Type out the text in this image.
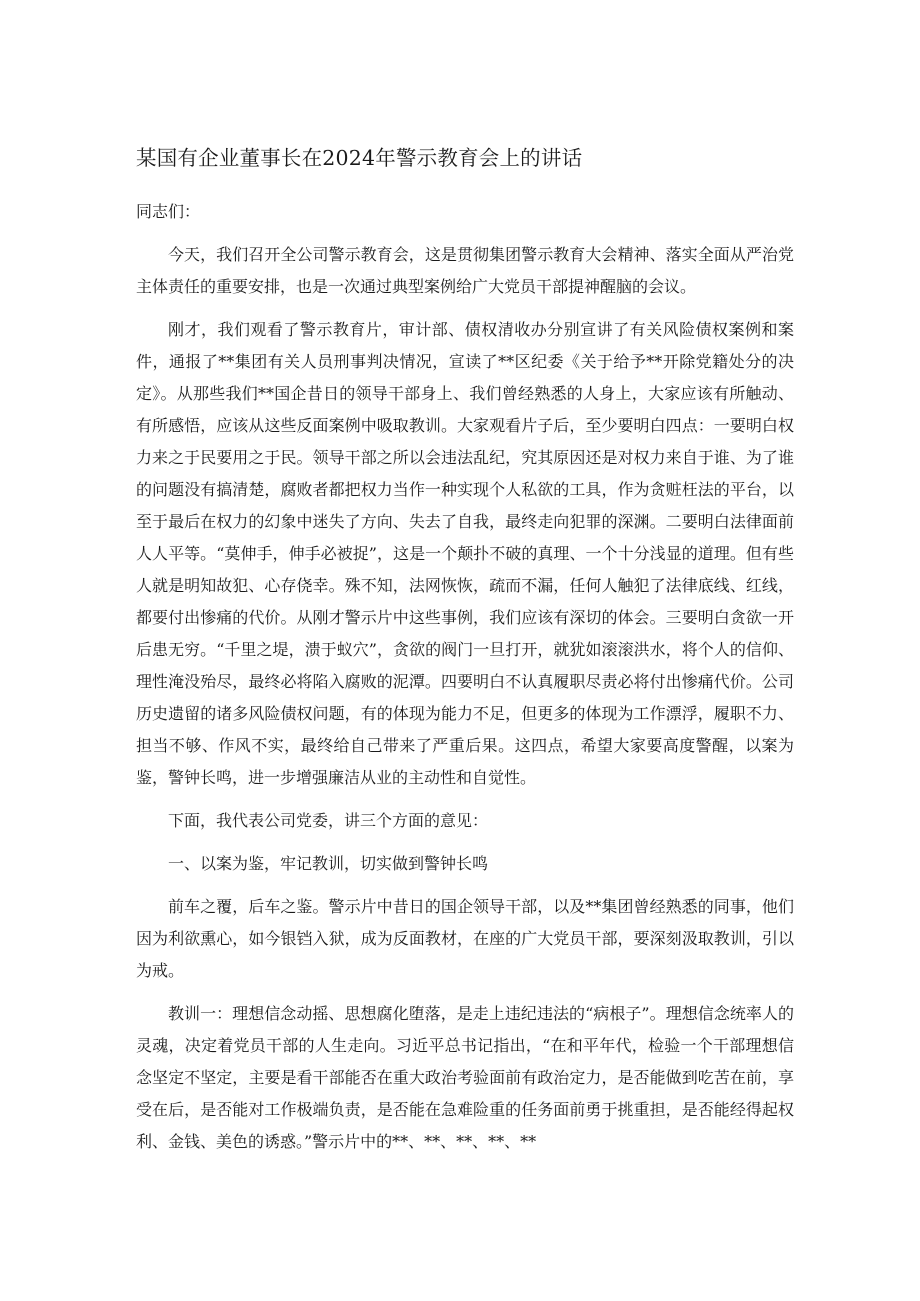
某国有企业董事长在2024年警示教育会上的讲话

同志们：

今天，我们召开全公司警示教育会，这是贯彻集团警示教育大会精神、落实全面从严治党主体责任的重要安排，也是一次通过典型案例给广大党员干部提神醒脑的会议。

刚才，我们观看了警示教育片，审计部、债权清收办分别宣讲了有关风险债权案例和案件，通报了**集团有关人员刑事判决情况，宣读了**区纪委《关于给予**开除党籍处分的决定》。从那些我们**国企昔日的领导干部身上、我们曾经熟悉的人身上，大家应该有所触动、有所感悟，应该从这些反面案例中吸取教训。大家观看片子后，至少要明白四点：一要明白权力来之于民要用之于民。领导干部之所以会违法乱纪，究其原因还是对权力来自于谁、为了谁的问题没有搞清楚，腐败者都把权力当作一种实现个人私欲的工具，作为贪赃枉法的平台，以至于最后在权力的幻象中迷失了方向、失去了自我，最终走向犯罪的深渊。二要明白法律面前人人平等。“莫伸手，伸手必被捉”，这是一个颠扑不破的真理、一个十分浅显的道理。但有些人就是明知故犯、心存侥幸。殊不知，法网恢恢，疏而不漏，任何人触犯了法律底线、红线，都要付出惨痛的代价。从刚才警示片中这些事例，我们应该有深切的体会。三要明白贪欲一开后患无穷。“千里之堤，溃于蚁穴”，贪欲的阀门一旦打开，就犹如滚滚洪水，将个人的信仰、理性淹没殆尽，最终必将陷入腐败的泥潭。四要明白不认真履职尽责必将付出惨痛代价。公司历史遗留的诸多风险债权问题，有的体现为能力不足，但更多的体现为工作漂浮，履职不力、担当不够、作风不实，最终给自己带来了严重后果。这四点，希望大家要高度警醒，以案为鉴，警钟长鸣，进一步增强廉洁从业的主动性和自觉性。

下面，我代表公司党委，讲三个方面的意见：

一、以案为鉴，牢记教训，切实做到警钟长鸣

前车之覆，后车之鉴。警示片中昔日的国企领导干部，以及**集团曾经熟悉的同事，他们因为利欲熏心，如今银铛入狱，成为反面教材，在座的广大党员干部，要深刻汲取教训，引以为戒。

教训一：理想信念动摇、思想腐化堕落，是走上违纪违法的“病根子”。理想信念统率人的灵魂，决定着党员干部的人生走向。习近平总书记指出，“在和平年代，检验一个干部理想信念坚定不坚定，主要是看干部能否在重大政治考验面前有政治定力，是否能做到吃苦在前，享受在后，是否能对工作极端负责，是否能在急难险重的任务面前勇于挑重担，是否能经得起权利、金钱、美色的诱惑。”警示片中的**、**、**、**、**
